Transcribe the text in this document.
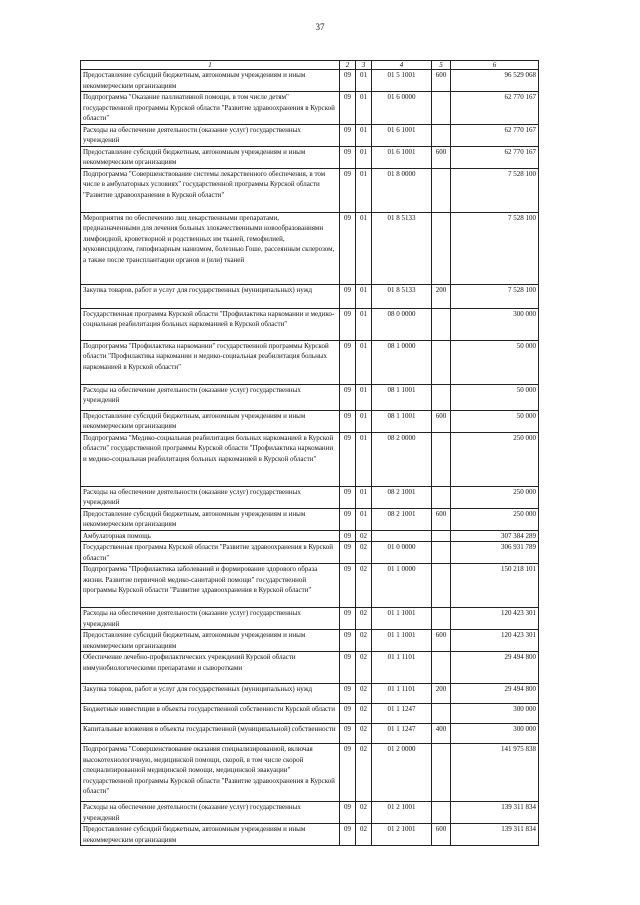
37
1	2	3	4	5	6
Предоставление субсидий бюджетным, автономным учреждениям и иным некоммерческим организациям	09	01	01 5 1001	600	96 529 068
Подпрограмма "Оказание паллиативной помощи, в том числе детям" государственной программы Курской области "Развитие здравоохранения в Курской области"	09	01	01 6 0000		62 770 167
Расходы на обеспечение деятельности (оказание услуг) государственных учреждений	09	01	01 6 1001		62 770 167
Предоставление субсидий бюджетным, автономным учреждениям и иным некоммерческим организациям	09	01	01 6 1001	600	62 770 167
Подпрограмма "Совершенствование системы лекарственного обеспечения, в том числе в амбулаторных условиях" государственной программы Курской области "Развитие здравоохранения в Курской области"	09	01	01 8 0000		7 528 100
Мероприятия по обеспечению лиц лекарственными препаратами, предназначенными для лечения больных злокачественными новообразованиями лимфоидной, кроветворной и родственных им тканей, гемофилией, муковисцидозом, гипофизарным нанизмом, болезнью Гоше, рассеянным склерозом, а также после трансплантации органов и (или) тканей	09	01	01 8 5133		7 528 100
Закупка товаров, работ и услуг для государственных (муниципальных) нужд	09	01	01 8 5133	200	7 528 100
Государственная программа Курской области "Профилактика наркомании и медико-социальная реабилитация больных наркоманией в Курской области"	09	01	08 0 0000		300 000
Подпрограмма "Профилактика наркомании" государственной программы Курской области "Профилактика наркомании и медико-социальная реабилитация больных наркоманией в Курской области"	09	01	08 1 0000		50 000
Расходы на обеспечение деятельности (оказание услуг) государственных учреждений	09	01	08 1 1001		50 000
Предоставление субсидий бюджетным, автономным учреждениям и иным некоммерческим организациям	09	01	08 1 1001	600	50 000
Подпрограмма "Медико-социальная реабилитация больных наркоманией в Курской области" государственной программы Курской области "Профилактика наркомании и медико-социальная реабилитация больных наркоманией в Курской области"	09	01	08 2 0000		250 000
Расходы на обеспечение деятельности (оказание услуг) государственных учреждений	09	01	08 2 1001		250 000
Предоставление субсидий бюджетным, автономным учреждениям и иным некоммерческим организациям	09	01	08 2 1001	600	250 000
Амбулаторная помощь	09	02			307 384 289
Государственная программа Курской области "Развитие здравоохранения в Курской области"	09	02	01 0 0000		306 931 789
Подпрограмма "Профилактика заболеваний и формирование здорового образа жизни. Развитие первичной медико-санитарной помощи" государственной программы Курской области "Развитие здравоохранения в Курской области"	09	02	01 1 0000		150 218 101
Расходы на обеспечение деятельности (оказание услуг) государственных учреждений	09	02	01 1 1001		120 423 301
Предоставление субсидий бюджетным, автономным учреждениям и иным некоммерческим организациям	09	02	01 1 1001	600	120 423 301
Обеспечение лечебно-профилактических учреждений Курской области иммунобиологическими препаратами и сыворотками	09	02	01 1 1101		29 494 800
Закупка товаров, работ и услуг для государственных (муниципальных) нужд	09	02	01 1 1101	200	29 494 800
Бюджетные инвестиции в объекты государственной собственности Курской области	09	02	01 1 1247		300 000
Капитальные вложения в объекты государственной (муниципальной) собственности	09	02	01 1 1247	400	300 000
Подпрограмма "Совершенствование оказания специализированной, включая высокотехнологичную, медицинской помощи, скорой, в том числе скорой специализированной медицинской помощи, медицинской эвакуации" государственной программы Курской области "Развитие здравоохранения в Курской области"	09	02	01 2 0000		141 975 838
Расходы на обеспечение деятельности (оказание услуг) государственных учреждений	09	02	01 2 1001		139 311 834
Предоставление субсидий бюджетным, автономным учреждениям и иным некоммерческим организациям	09	02	01 2 1001	600	139 311 834
